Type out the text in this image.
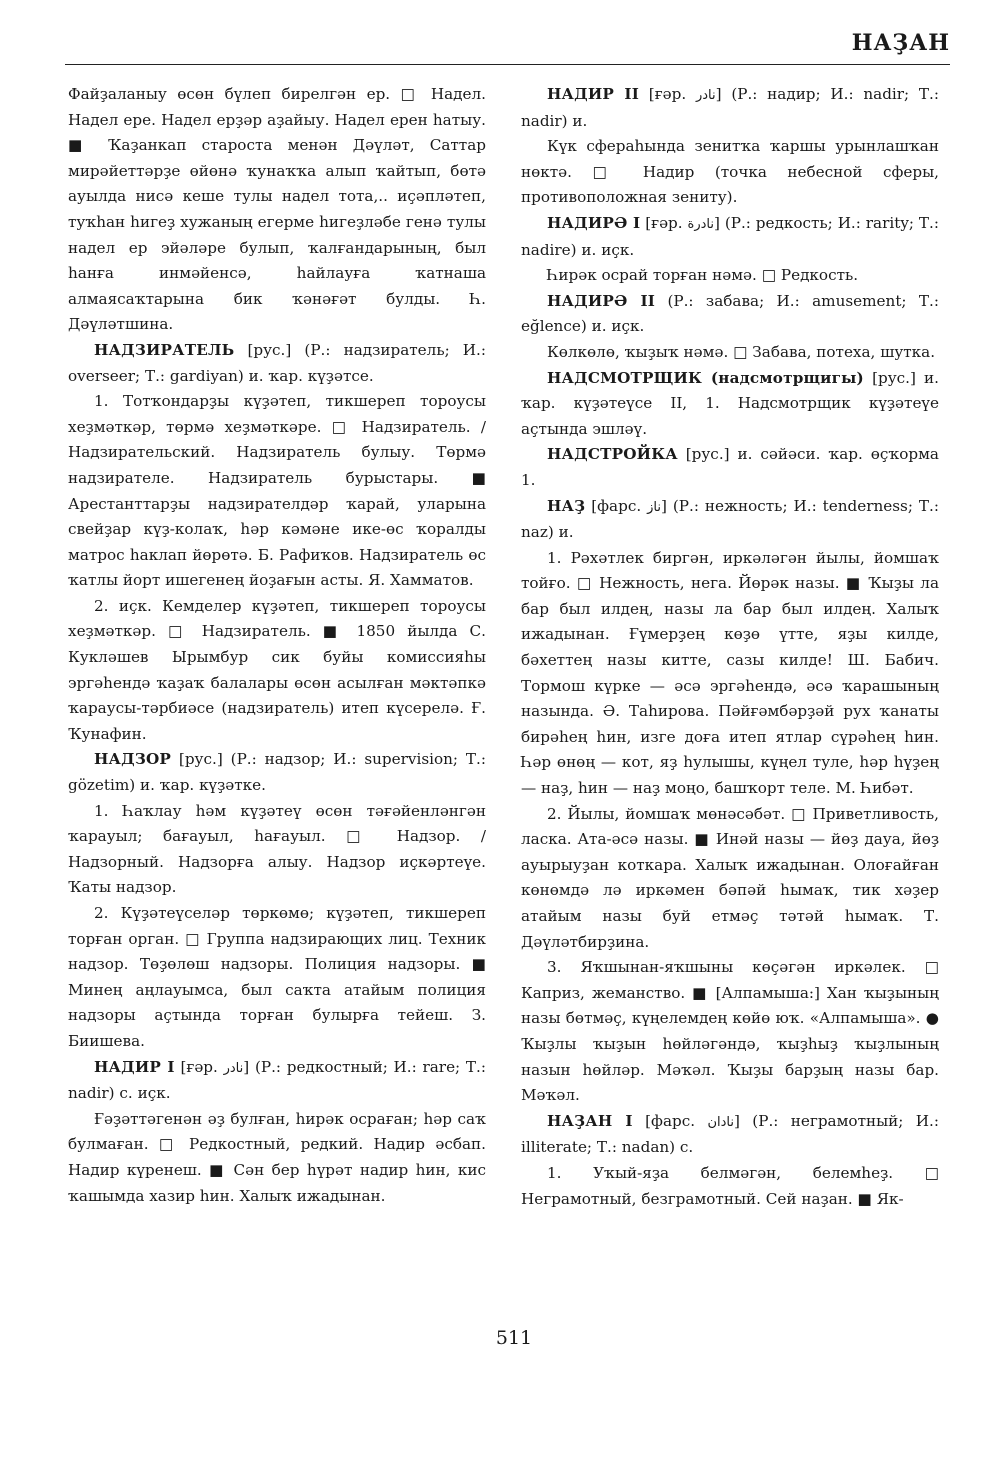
НАҘАН

Файҙаланыу өсөн бүлеп бирелгән ер. □ Надел. Надел ере. Надел ерҙәр аҙайыу. Надел ерен һатыу. ■ Ҡаҙанкап староста менән Дәүләт, Саттар мирәйеттәрҙе өйөнә ҡунаҡҡа алып ҡайтып, бөтә ауылда нисә кеше тулы надел тота,.. иҫәпләтеп, туҡһан һигеҙ хужаның егерме һигеҙләбе генә тулы надел ер эйәләре булып, ҡалғандарының, был һанға инмәйенсә, һайлауға ҡатнаша алмаясаҡтарына бик ҡәнәғәт булды. Һ. Дәүләтшина.

НАДЗИРАТЕЛЬ [рус.] (Р.: надзиратель; И.: overseer; Т.: gardiyan) и. ҡар. күҙәтсе.

1. Тотҡондарҙы күҙәтеп, тикшереп тороусы хеҙмәткәр, төрмә хеҙмәткәре. □ Надзиратель. / Надзирательский. Надзиратель булыу. Төрмә надзирателе. Надзиратель бурыстары. ■ Арестанттарҙы надзирателдәр ҡарай, уларына свейҙар күҙ-колаҡ, һәр кәмәне ике-өс ҡоралды матрос һаклап йөрөтә. Б. Рафиҡов. Надзиратель өс ҡатлы йорт ишегенең йоҙағын асты. Я. Хамматов.

2. иҫк. Кемделер күҙәтеп, тикшереп тороусы хеҙмәткәр. □ Надзиратель. ■ 1850 йылда С. Кукләшев Ырымбур сик буйы комиссияһы эргәһендә ҡаҙаҡ балалары өсөн асылған мәктәпкә ҡараусы-тәрбиәсе (надзиратель) итеп күсерелә. Ғ. Ҡунафин.

НАДЗОР [рус.] (Р.: надзор; И.: supervision; Т.: gözetim) и. ҡар. күҙәтке.

1. Һаҡлау һәм күҙәтеү өсөн тәғәйенләнгән ҡарауыл; бағауыл, һағауыл. □ Надзор. / Надзорный. Надзорға алыу. Надзор иҫкәртеүе. Ҡаты надзор.

2. Күҙәтеүселәр төркөмө; күҙәтеп, тикшереп торған орган. □ Группа надзирающих лиц. Техник надзор. Төҙөлөш надзоры. Полиция надзоры. ■ Минең аңлауымса, был саҡта атайым полиция надзоры аҫтында торған булырға тейеш. З. Биишева.

НАДИР I [ғәр. نادر] (Р.: редкостный; И.: rare; Т.: nadir) с. иҫк.

Ғәҙәттәгенән әҙ булған, һирәк осраған; һәр саҡ булмаған. □ Редкостный, редкий. Надир әсбап. Надир күренеш. ■ Сән бер һүрәт надир һин, кис ҡашымда хазир һин. Халыҡ ижадынан.

НАДИР II [ғәр. نادر] (Р.: надир; И.: nadir; Т.: nadir) и.

Күк сфераһында зенитҡа ҡаршы урынлашҡан нөктә. □ Надир (точка небесной сферы, противоположная зениту).

НАДИРӘ I [ғәр. نادرة] (Р.: редкость; И.: rarity; Т.: nadire) и. иҫк.

Һирәк осрай торған нәмә. □ Редкость.

НАДИРӘ II (Р.: забава; И.: amusement; Т.: eğlence) и. иҫк.

Көлкөлө, ҡыҙыҡ нәмә. □ Забава, потеха, шутка.

НАДСМОТРЩИК (надсмотрщигы) [рус.] и. ҡар. күҙәтеүсе II, 1. Надсмотрщик күҙәтеүе аҫтында эшләү.

НАДСТРОЙКА [рус.] и. сәйәси. ҡар. өҫҡорма 1.

НАҘ [фарс. ناز] (Р.: нежность; И.: tenderness; Т.: naz) и.

1. Рәхәтлек биргән, иркәләгән йылы, йомшаҡ тойғо. □ Нежность, нега. Йөрәк назы. ■ Ҡыҙы ла бар был илдең, назы ла бар был илдең. Халыҡ ижадынан. Ғүмерҙең көҙө үтте, яҙы килде, бәхеттең назы китте, сазы килде! Ш. Бабич. Тормош күрке — әсә эргәһендә, әсә ҡарашының назында. Ә. Таһирова. Пәйғәмбәрҙәй рух ҡанаты бирәһең һин, изге доға итеп ятлар сүрәһең һин. Һәр өнөң — кот, яҙ һулышы, күңел туле, һәр һүҙең — наҙ, һин — наҙ моңо, башҡорт теле. М. Һибәт.

2. Йылы, йомшаҡ мөнәсәбәт. □ Приветливость, ласка. Ата-әсә назы. ■ Инәй назы — йөҙ дауа, йөҙ ауырыуҙан коткара. Халыҡ ижадынан. Олоғайған көнөмдә лә иркәмен бәпәй һымаҡ, тик хәҙер атайым назы буй етмәҫ тәтәй һымаҡ. Т. Дәүләтбирҙина.

3. Яҡшынан-яҡшыны көҫәгән иркәлек. □ Каприз, жеманство. ■ [Алпамыша:] Хан ҡыҙының назы бөтмәҫ, күңелемдең көйө юҡ. «Алпамыша». ● Ҡыҙлы ҡыҙын һөйләгәндә, ҡыҙһыҙ ҡыҙлының назын һөйләр. Мәҡәл. Ҡыҙы барҙың назы бар. Мәҡәл.

НАҘАН I [фарс. نادان] (Р.: неграмотный; И.: illiterate; Т.: nadan) с.

1. Уҡый-яҙа белмәгән, белемһеҙ. □ Неграмотный, безграмотный. Сей наҙан. ■ Як-

511
